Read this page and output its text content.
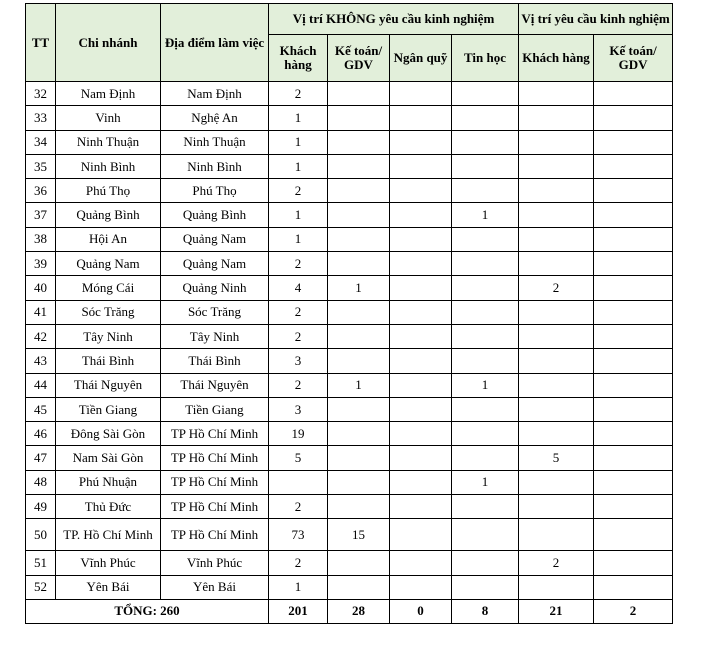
TT	Chi nhánh	Địa điểm làm việc	Vị trí KHÔNG yêu cầu kinh nghiệm				Vị trí yêu cầu kinh nghiệm	
			Khách hàng	Kế toán/ GDV	Ngân quỹ	Tin học	Khách hàng	Kế toán/ GDV
32	Nam Định	Nam Định	2					
33	Vinh	Nghệ An	1					
34	Ninh Thuận	Ninh Thuận	1					
35	Ninh Bình	Ninh Bình	1					
36	Phú Thọ	Phú Thọ	2					
37	Quảng Bình	Quảng Bình	1			1		
38	Hội An	Quảng Nam	1					
39	Quảng Nam	Quảng Nam	2					
40	Móng Cái	Quảng Ninh	4	1			2	
41	Sóc Trăng	Sóc Trăng	2					
42	Tây Ninh	Tây Ninh	2					
43	Thái Bình	Thái Bình	3					
44	Thái Nguyên	Thái Nguyên	2	1		1		
45	Tiền Giang	Tiền Giang	3					
46	Đông Sài Gòn	TP Hồ Chí Minh	19					
47	Nam Sài Gòn	TP Hồ Chí Minh	5				5	
48	Phú Nhuận	TP Hồ Chí Minh				1		
49	Thủ Đức	TP Hồ Chí Minh	2					
50	TP. Hồ Chí Minh	TP Hồ Chí Minh	73	15				
51	Vĩnh Phúc	Vĩnh Phúc	2				2	
52	Yên Bái	Yên Bái	1					
TỔNG: 260			201	28	0	8	21	2
